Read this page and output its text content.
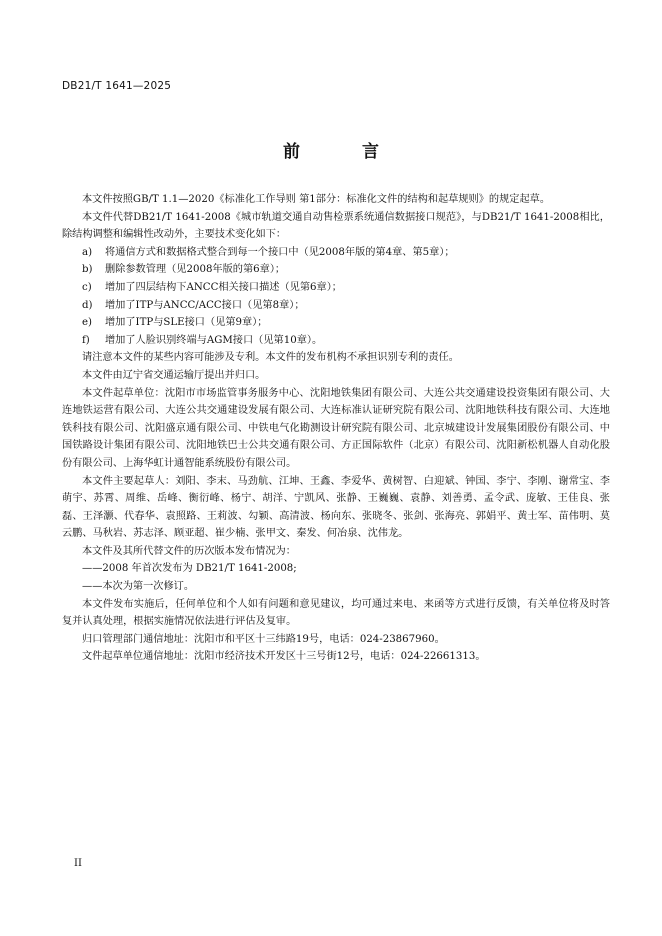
DB21/T 1641—2025
前 言

本文件按照GB/T 1.1—2020《标准化工作导则 第1部分：标准化文件的结构和起草规则》的规定起草。

本文件代替DB21/T 1641-2008《城市轨道交通自动售检票系统通信数据接口规范》，与DB21/T 1641-2008相比，除结构调整和编辑性改动外，主要技术变化如下：

a)	将通信方式和数据格式整合到每一个接口中（见2008年版的第4章、第5章）；
b)	删除参数管理（见2008年版的第6章）；
c)	增加了四层结构下ANCC相关接口描述（见第6章）；
d)	增加了ITP与ANCC/ACC接口（见第8章）；
e)	增加了ITP与SLE接口（见第9章）；
f)	增加了人脸识别终端与AGM接口（见第10章）。

请注意本文件的某些内容可能涉及专利。本文件的发布机构不承担识别专利的责任。

本文件由辽宁省交通运输厅提出并归口。

本文件起草单位：沈阳市市场监管事务服务中心、沈阳地铁集团有限公司、大连公共交通建设投资集团有限公司、大连地铁运营有限公司、大连公共交通建设发展有限公司、大连标准认证研究院有限公司、沈阳地铁科技有限公司、大连地铁科技有限公司、沈阳盛京通有限公司、中铁电气化勘测设计研究院有限公司、北京城建设计发展集团股份有限公司、中国铁路设计集团有限公司、沈阳地铁巴士公共交通有限公司、方正国际软件（北京）有限公司、沈阳新松机器人自动化股份有限公司、上海华虹计通智能系统股份有限公司。

本文件主要起草人：刘阳、李末、马劲航、江坤、王鑫、李爱华、黄树智、白迎斌、钟国、李宁、李刚、谢常宝、李萌宇、苏霄、周维、岳峰、衡衍峰、杨宁、胡洋、宁凯风、张静、王巍巍、袁静、刘善勇、孟令武、庞敏、王佳良、张磊、王泽灏、代春华、袁照路、王莉波、勾颖、高清波、杨向东、张晓冬、张剑、张海亮、郭娟平、黄士军、苗伟明、莫云鹏、马秋岩、苏志泽、顾亚超、崔少楠、张甲文、秦发、何冶泉、沈伟龙。

本文件及其所代替文件的历次版本发布情况为：

——2008 年首次发布为 DB21/T 1641-2008;

——本次为第一次修订。

本文件发布实施后，任何单位和个人如有问题和意见建议，均可通过来电、来函等方式进行反馈，有关单位将及时答复并认真处理，根据实施情况依法进行评估及复审。

归口管理部门通信地址：沈阳市和平区十三纬路19号，电话：024-23867960。

文件起草单位通信地址：沈阳市经济技术开发区十三号街12号，电话：024-22661313。

II
